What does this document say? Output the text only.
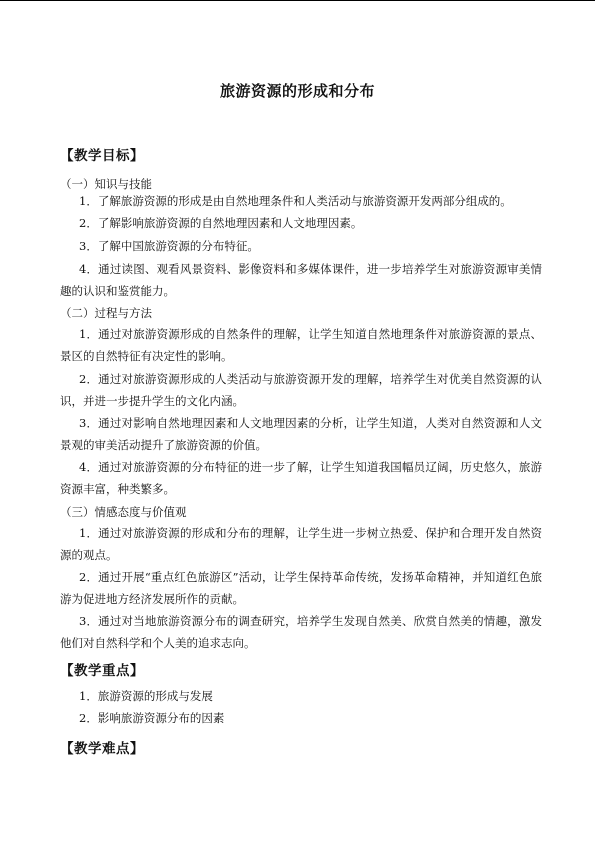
旅游资源的形成和分布
【教学目标】
（一）知识与技能

1．了解旅游资源的形成是由自然地理条件和人类活动与旅游资源开发两部分组成的。

2．了解影响旅游资源的自然地理因素和人文地理因素。

3．了解中国旅游资源的分布特征。

4．通过读图、观看风景资料、影像资料和多媒体课件，进一步培养学生对旅游资源审美情趣的认识和鉴赏能力。

（二）过程与方法

1．通过对旅游资源形成的自然条件的理解，让学生知道自然地理条件对旅游资源的景点、景区的自然特征有决定性的影响。

2．通过对旅游资源形成的人类活动与旅游资源开发的理解，培养学生对优美自然资源的认识，并进一步提升学生的文化内涵。

3．通过对影响自然地理因素和人文地理因素的分析，让学生知道，人类对自然资源和人文景观的审美活动提升了旅游资源的价值。

4．通过对旅游资源的分布特征的进一步了解，让学生知道我国幅员辽阔，历史悠久，旅游资源丰富，种类繁多。

（三）情感态度与价值观

1．通过对旅游资源的形成和分布的理解，让学生进一步树立热爱、保护和合理开发自然资源的观点。

2．通过开展“重点红色旅游区”活动，让学生保持革命传统，发扬革命精神，并知道红色旅游为促进地方经济发展所作的贡献。

3．通过对当地旅游资源分布的调查研究，培养学生发现自然美、欣赏自然美的情趣，激发他们对自然科学和个人美的追求志向。

【教学重点】

1．旅游资源的形成与发展

2．影响旅游资源分布的因素

【教学难点】
